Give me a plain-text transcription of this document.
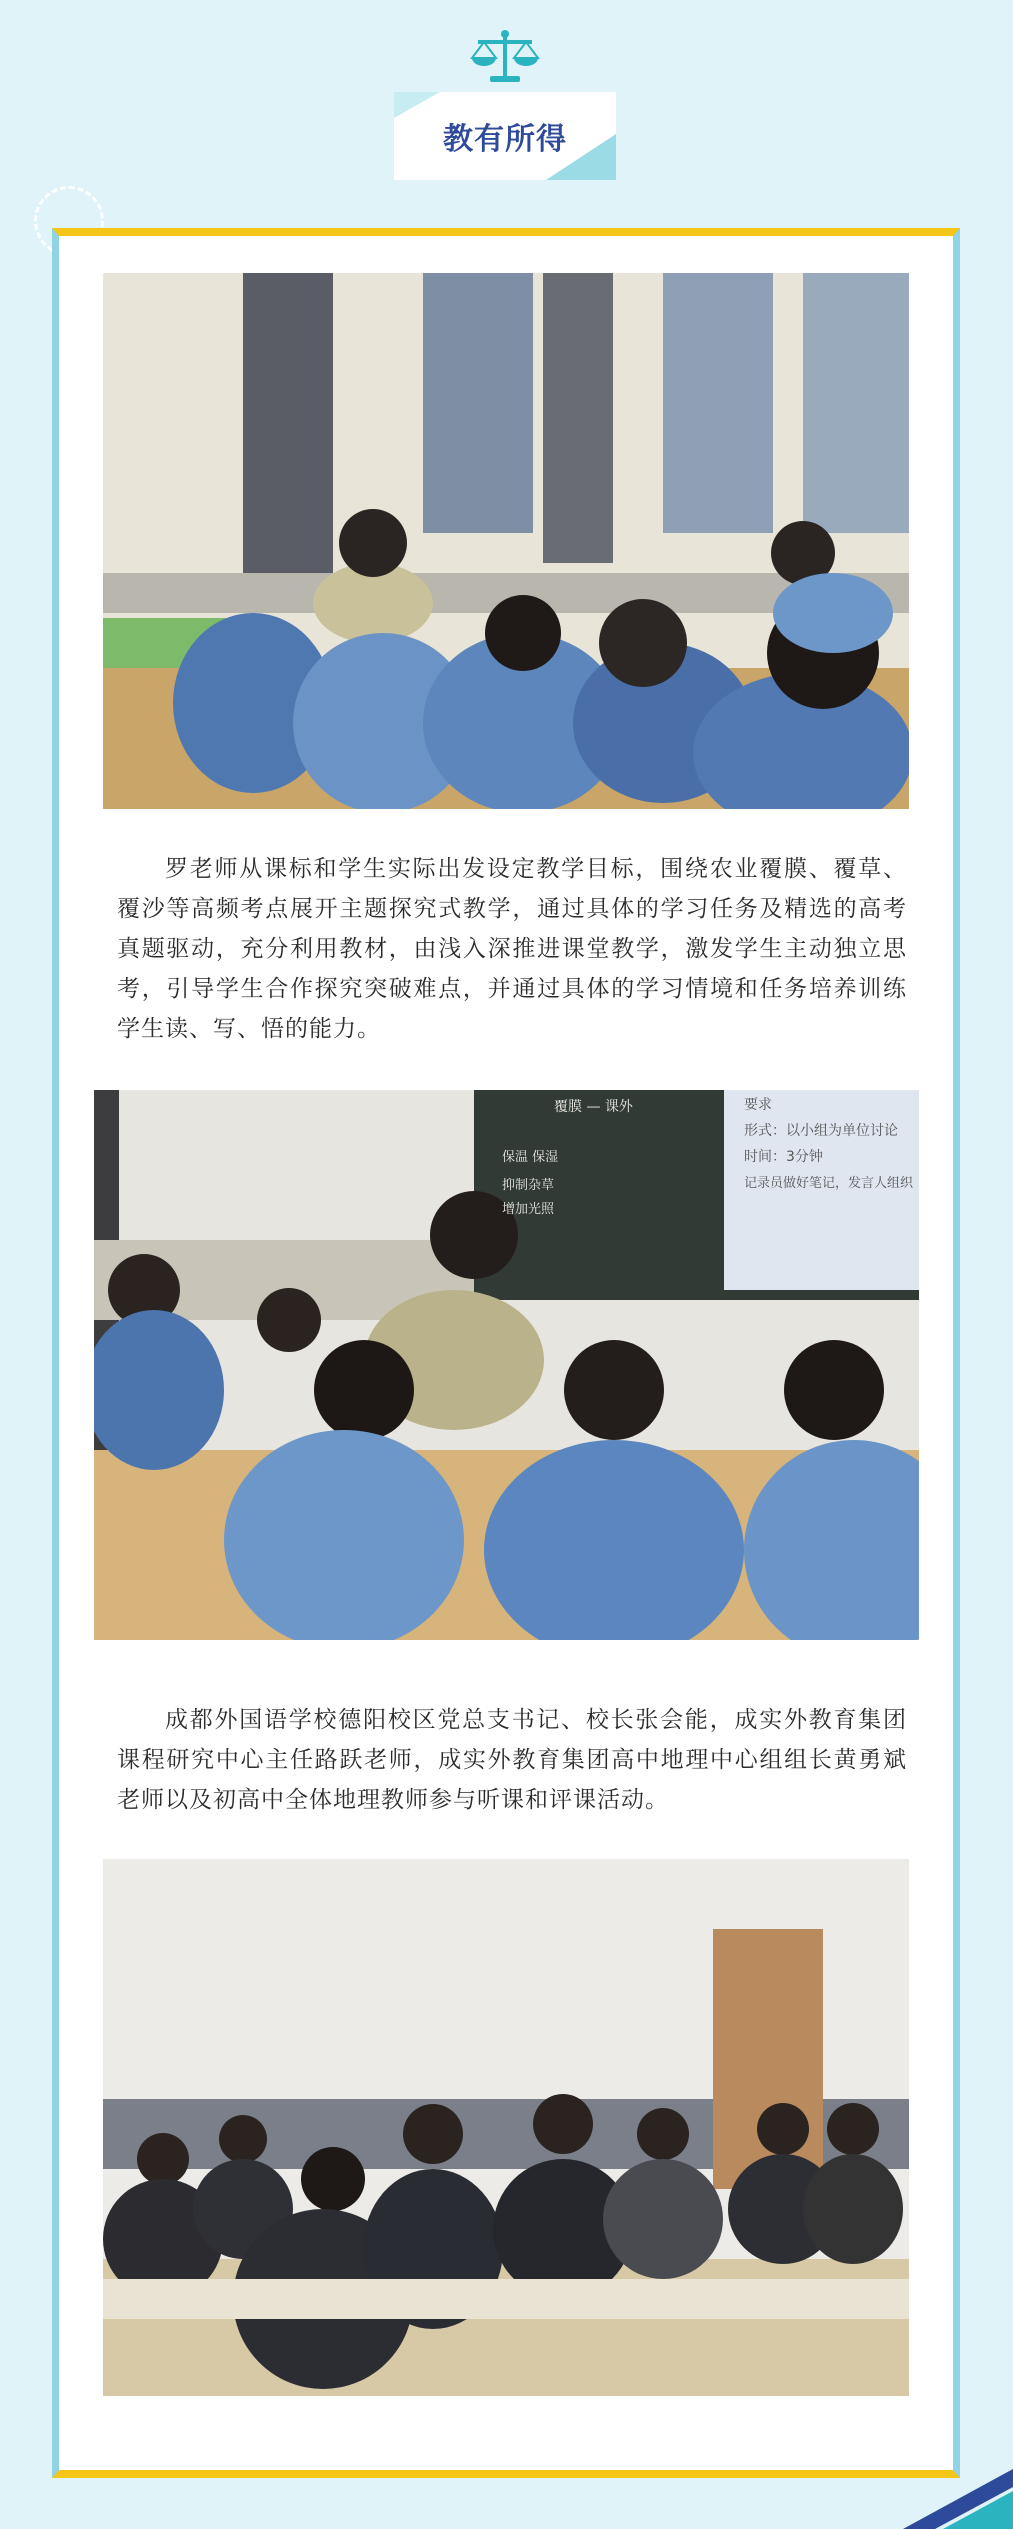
教有所得

罗老师从课标和学生实际出发设定教学目标，围绕农业覆膜、覆草、覆沙等高频考点展开主题探究式教学，通过具体的学习任务及精选的高考真题驱动，充分利用教材，由浅入深推进课堂教学，激发学生主动独立思考，引导学生合作探究突破难点，并通过具体的学习情境和任务培养训练学生读、写、悟的能力。

覆膜 — 课外
保温 保湿
抑制杂草
增加光照
要求
形式：以小组为单位讨论
时间：3分钟
记录员做好笔记，发言人组织

成都外国语学校德阳校区党总支书记、校长张会能，成实外教育集团课程研究中心主任路跃老师，成实外教育集团高中地理中心组组长黄勇斌老师以及初高中全体地理教师参与听课和评课活动。
